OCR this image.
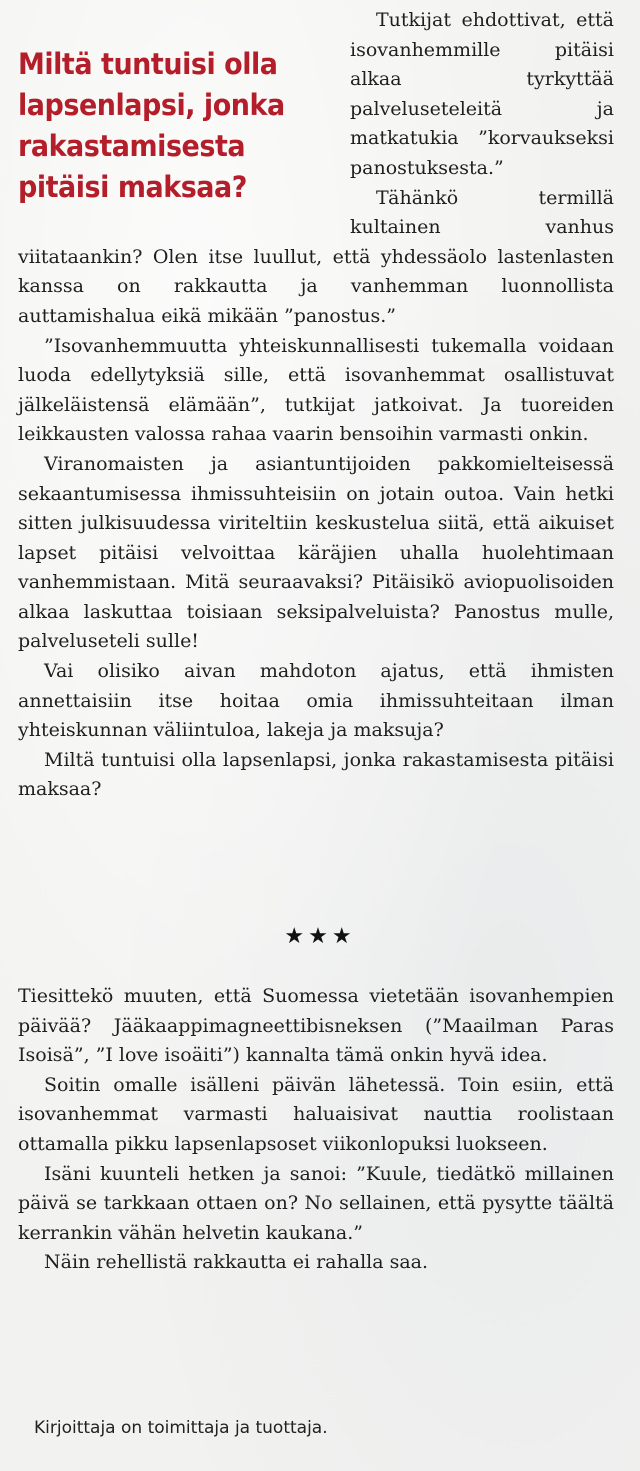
Miltä tuntuisi olla lapsenlapsi, jonka rakastamisesta pitäisi maksaa?

Tutkijat ehdottivat, että isovanhemmille pitäisi alkaa tyrkyttää palveluseteleitä ja matkatukia ”korvaukseksi panostuksesta.”

Tähänkö termillä kultainen vanhus viitataankin? Olen itse luullut, että yhdessäolo lastenlasten kanssa on rakkautta ja vanhemman luonnollista auttamishalua eikä mikään ”panostus.”

”Isovanhemmuutta yhteiskunnallisesti tukemalla voidaan luoda edellytyksiä sille, että isovanhemmat osallistuvat jälkeläistensä elämään”, tutkijat jatkoivat. Ja tuoreiden leikkausten valossa rahaa vaarin bensoihin varmasti onkin.

Viranomaisten ja asiantuntijoiden pakkomielteisessä sekaantumisessa ihmissuhteisiin on jotain outoa. Vain hetki sitten julkisuudessa viriteltiin keskustelua siitä, että aikuiset lapset pitäisi velvoittaa käräjien uhalla huolehtimaan vanhemmistaan. Mitä seuraavaksi? Pitäisikö aviopuolisoiden alkaa laskuttaa toisiaan seksipalveluista? Panostus mulle, palveluseteli sulle!

Vai olisiko aivan mahdoton ajatus, että ihmisten annettaisiin itse hoitaa omia ihmissuhteitaan ilman yhteiskunnan väliintuloa, lakeja ja maksuja?

Miltä tuntuisi olla lapsenlapsi, jonka rakastamisesta pitäisi maksaa?

★★★

Tiesittekö muuten, että Suomessa vietetään isovanhempien päivää? Jääkaappimagneettibisneksen (”Maailman Paras Isoisä”, ”I love isoäiti”) kannalta tämä onkin hyvä idea.

Soitin omalle isälleni päivän lähetessä. Toin esiin, että isovanhemmat varmasti haluaisivat nauttia roolistaan ottamalla pikku lapsenlapsoset viikonlopuksi luokseen.

Isäni kuunteli hetken ja sanoi: ”Kuule, tiedätkö millainen päivä se tarkkaan ottaen on? No sellainen, että pysytte täältä kerrankin vähän helvetin kaukana.”

Näin rehellistä rakkautta ei rahalla saa.

Kirjoittaja on toimittaja ja tuottaja.
